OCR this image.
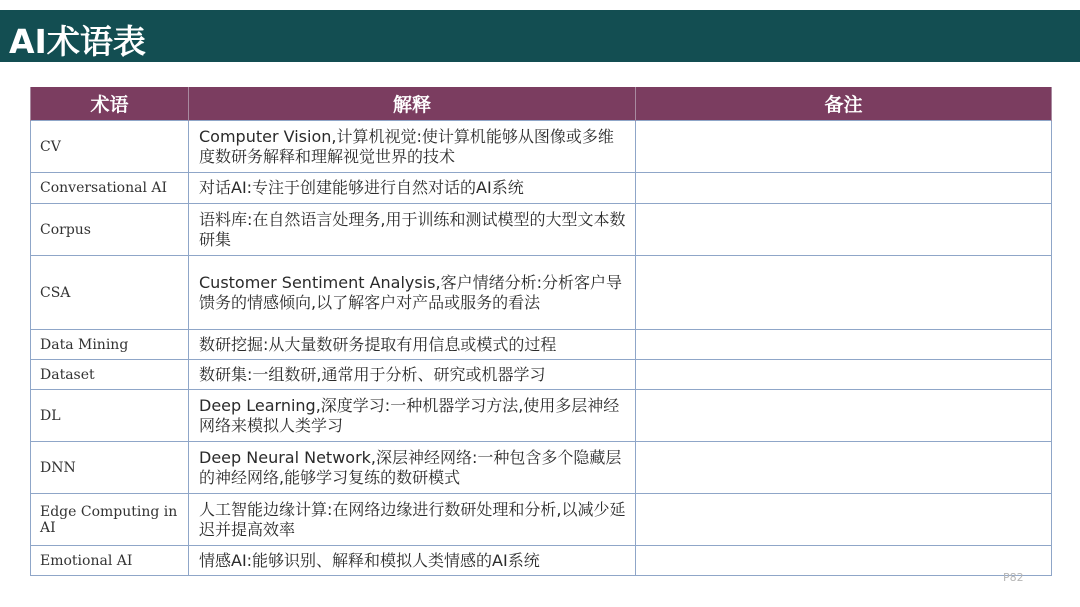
AI术语表
术语	解释	备注
CV	Computer Vision,计算机视觉:使计算机能够从图像或多维度数研务解释和理解视觉世界的技术	
Conversational AI	对话AI:专注于创建能够进行自然对话的AI系统	
Corpus	语料库:在自然语言处理务,用于训练和测试模型的大型文本数研集	
CSA	Customer Sentiment Analysis,客户情绪分析:分析客户导馈务的情感倾向,以了解客户对产品或服务的看法	
Data Mining	数研挖掘:从大量数研务提取有用信息或模式的过程	
Dataset	数研集:一组数研,通常用于分析、研究或机器学习	
DL	Deep Learning,深度学习:一种机器学习方法,使用多层神经网络来模拟人类学习	
DNN	Deep Neural Network,深层神经网络:一种包含多个隐藏层的神经网络,能够学习复练的数研模式	
Edge Computing in AI	人工智能边缘计算:在网络边缘进行数研处理和分析,以减少延迟并提高效率	
Emotional AI	情感AI:能够识别、解释和模拟人类情感的AI系统	
P82
